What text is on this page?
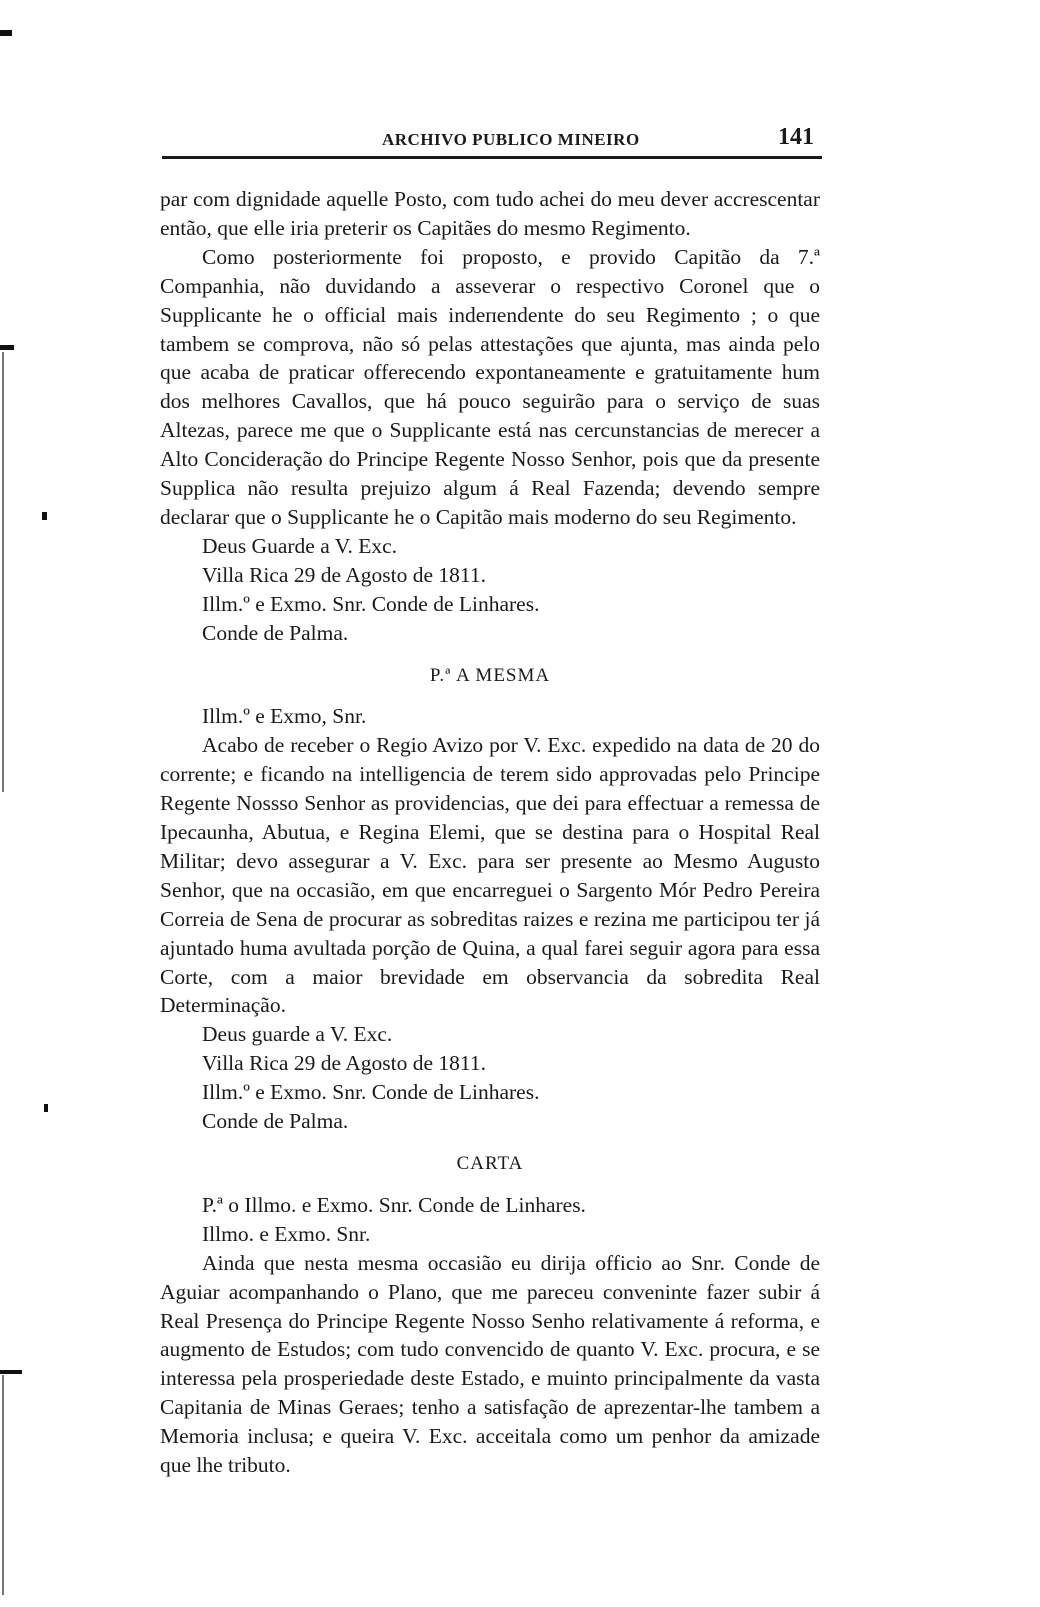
ARCHIVO PUBLICO MINEIRO	141

par com dignidade aquelle Posto, com tudo achei do meu dever accrescentar então, que elle iria preterir os Capitães do mesmo Regimento.

Como posteriormente foi proposto, e provido Capitão da 7.ª Companhia, não duvidando a asseverar o respectivo Coronel que o Supplicante he o official mais indeпendente do seu Regimento ; o que tambem se comprova, não só pelas attestações que ajunta, mas ainda pelo que acaba de praticar offerecendo expontaneamente e gratuitamente hum dos melhores Cavallos, que há pouco seguirão para o serviço de suas Altezas, parece me que o Supplicante está nas cercunstancias de merecer a Alto Concideração do Principe Regente Nosso Senhor, pois que da presente Supplica não resulta prejuizo algum á Real Fazenda; devendo sempre declarar que o Supplicante he o Capitão mais moderno do seu Regimento.

Deus Guarde a V. Exc.

Villa Rica 29 de Agosto de 1811.

Illm.º e Exmo. Snr. Conde de Linhares.

Conde de Palma.

P.ª A MESMA

Illm.º e Exmo, Snr.

Acabo de receber o Regio Avizo por V. Exc. expedido na data de 20 do corrente; e ficando na intelligencia de terem sido approvadas pelo Principe Regente Nossso Senhor as providencias, que dei para effectuar a remessa de Ipecaunha, Abutua, e Regina Elemi, que se destina para o Hospital Real Militar; devo assegurar a V. Exc. para ser presente ao Mesmo Augusto Senhor, que na occasião, em que encarreguei o Sargento Mór Pedro Pereira Correia de Sena de procurar as sobreditas raizes e rezina me participou ter já ajuntado huma avultada porção de Quina, a qual farei seguir agora para essa Corte, com a maior brevidade em observancia da sobredita Real Determinação.

Deus guarde a V. Exc.

Villa Rica 29 de Agosto de 1811.

Illm.º e Exmo. Snr. Conde de Linhares.

Conde de Palma.

CARTA

P.ª o Illmo. e Exmo. Snr. Conde de Linhares.

Illmo. e Exmo. Snr.

Ainda que nesta mesma occasião eu dirija officio ao Snr. Conde de Aguiar acompanhando o Plano, que me pareceu conveninte fazer subir á Real Presença do Principe Regente Nosso Senho relativamente á reforma, e augmento de Estudos; com tudo convencido de quanto V. Exc. procura, e se interessa pela prosperiedade deste Estado, e muinto principalmente da vasta Capitania de Minas Geraes; tenho a satisfação de aprezentar-lhe tambem a Memoria inclusa; e queira V. Exc. acceitala como um penhor da amizade que lhe tributo.
